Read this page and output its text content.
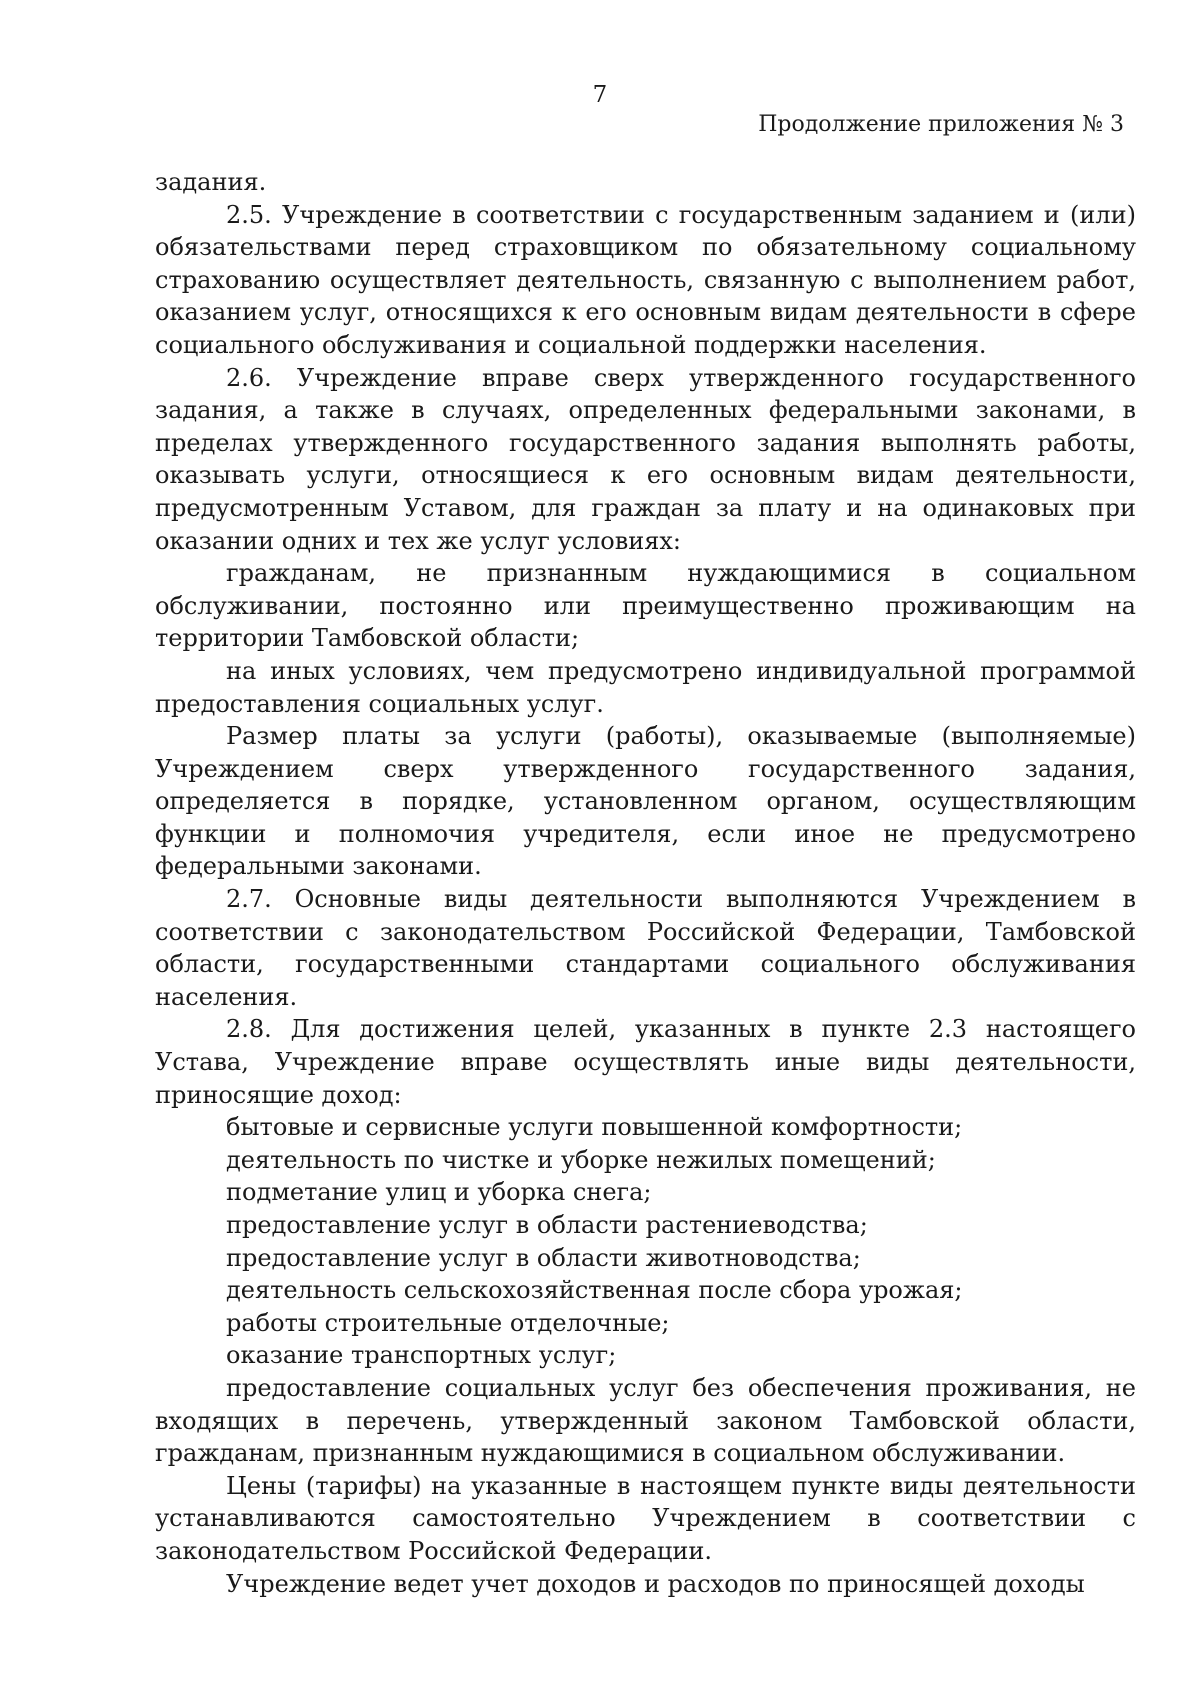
7
Продолжение приложения № 3

задания.

2.5. Учреждение в соответствии с государственным заданием и (или) обязательствами перед страховщиком по обязательному социальному страхованию осуществляет деятельность, связанную с выполнением работ, оказанием услуг, относящихся к его основным видам деятельности в сфере социального обслуживания и социальной поддержки населения.

2.6. Учреждение вправе сверх утвержденного государственного задания, а также в случаях, определенных федеральными законами, в пределах утвержденного государственного задания выполнять работы, оказывать услуги, относящиеся к его основным видам деятельности, предусмотренным Уставом, для граждан за плату и на одинаковых при оказании одних и тех же услуг условиях:

гражданам, не признанным нуждающимися в социальном обслуживании, постоянно или преимущественно проживающим на территории Тамбовской области;

на иных условиях, чем предусмотрено индивидуальной программой предоставления социальных услуг.

Размер платы за услуги (работы), оказываемые (выполняемые) Учреждением сверх утвержденного государственного задания, определяется в порядке, установленном органом, осуществляющим функции и полномочия учредителя, если иное не предусмотрено федеральными законами.

2.7. Основные виды деятельности выполняются Учреждением в соответствии с законодательством Российской Федерации, Тамбовской области, государственными стандартами социального обслуживания населения.

2.8. Для достижения целей, указанных в пункте 2.3 настоящего Устава, Учреждение вправе осуществлять иные виды деятельности, приносящие доход:

бытовые и сервисные услуги повышенной комфортности;

деятельность по чистке и уборке нежилых помещений;

подметание улиц и уборка снега;

предоставление услуг в области растениеводства;

предоставление услуг в области животноводства;

деятельность сельскохозяйственная после сбора урожая;

работы строительные отделочные;

оказание транспортных услуг;

предоставление социальных услуг без обеспечения проживания, не входящих в перечень, утвержденный законом Тамбовской области, гражданам, признанным нуждающимися в социальном обслуживании.

Цены (тарифы) на указанные в настоящем пункте виды деятельности устанавливаются самостоятельно Учреждением в соответствии с законодательством Российской Федерации.

Учреждение ведет учет доходов и расходов по приносящей доходы
